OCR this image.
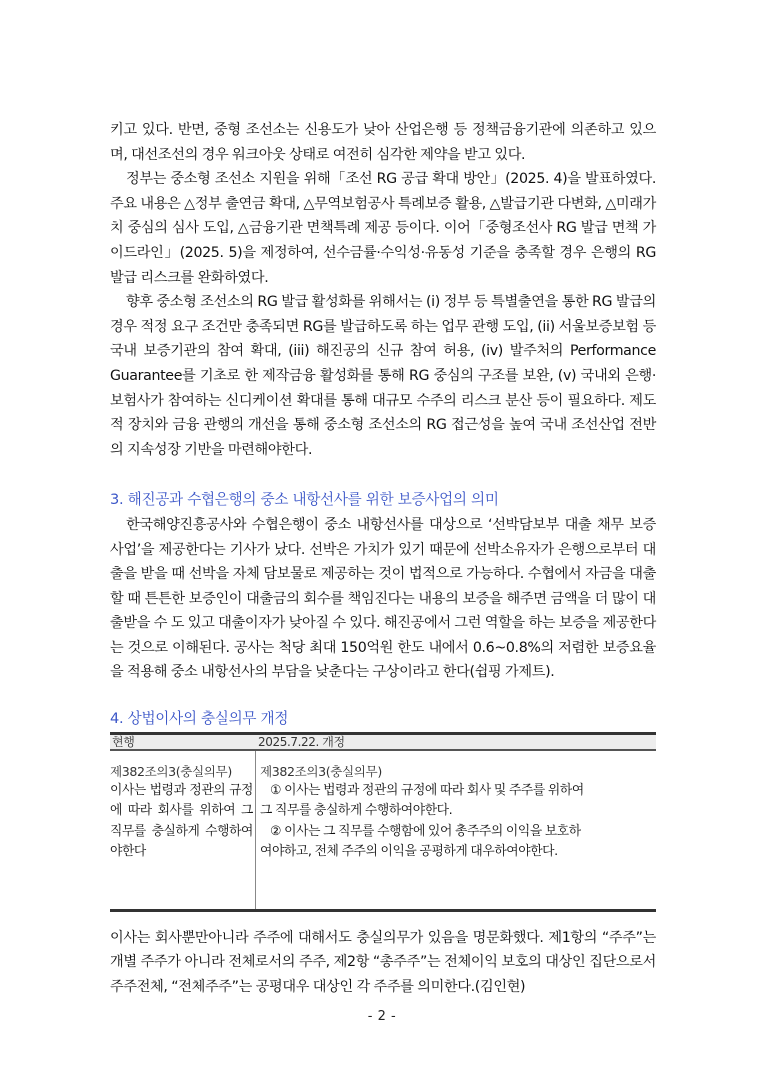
키고 있다. 반면, 중형 조선소는 신용도가 낮아 산업은행 등 정책금융기관에 의존하고 있으며, 대선조선의 경우 워크아웃 상태로 여전히 심각한 제약을 받고 있다.

정부는 중소형 조선소 지원을 위해「조선 RG 공급 확대 방안」(2025. 4)을 발표하였다. 주요 내용은 △정부 출연금 확대, △무역보험공사 특례보증 활용, △발급기관 다변화, △미래가치 중심의 심사 도입, △금융기관 면책특례 제공 등이다. 이어「중형조선사 RG 발급 면책 가이드라인」(2025. 5)을 제정하여, 선수금률·수익성·유동성 기준을 충족할 경우 은행의 RG 발급 리스크를 완화하였다.

향후 중소형 조선소의 RG 발급 활성화를 위해서는 (i) 정부 등 특별출연을 통한 RG 발급의 경우 적정 요구 조건만 충족되면 RG를 발급하도록 하는 업무 관행 도입, (ii) 서울보증보험 등 국내 보증기관의 참여 확대, (iii) 해진공의 신규 참여 허용, (iv) 발주처의 Performance Guarantee를 기초로 한 제작금융 활성화를 통해 RG 중심의 구조를 보완, (v) 국내외 은행·보험사가 참여하는 신디케이션 확대를 통해 대규모 수주의 리스크 분산 등이 필요하다. 제도적 장치와 금융 관행의 개선을 통해 중소형 조선소의 RG 접근성을 높여 국내 조선산업 전반의 지속성장 기반을 마련해야한다.

3. 해진공과 수협은행의 중소 내항선사를 위한 보증사업의 의미

한국해양진흥공사와 수협은행이 중소 내항선사를 대상으로 ‘선박담보부 대출 채무 보증 사업’을 제공한다는 기사가 났다. 선박은 가치가 있기 때문에 선박소유자가 은행으로부터 대출을 받을 때 선박을 자체 담보물로 제공하는 것이 법적으로 가능하다. 수협에서 자금을 대출할 때 튼튼한 보증인이 대출금의 회수를 책임진다는 내용의 보증을 해주면 금액을 더 많이 대출받을 수 도 있고 대출이자가 낮아질 수 있다. 해진공에서 그런 역할을 하는 보증을 제공한다는 것으로 이해된다. 공사는 척당 최대 150억원 한도 내에서 0.6~0.8%의 저렴한 보증요율을 적용해 중소 내항선사의 부담을 낮춘다는 구상이라고 한다(쉽핑 가제트).

4. 상법이사의 충실의무 개정

현행	2025.7.22. 개정
제382조의3(충실의무)
이사는 법령과 정관의 규정에 따라 회사를 위하여 그 직무를 충실하게 수행하여야한다
제382조의3(충실의무)
① 이사는 법령과 정관의 규정에 따라 회사 및 주주를 위하여
그 직무를 충실하게 수행하여야한다.
② 이사는 그 직무를 수행함에 있어 총주주의 이익을 보호하
여야하고, 전체 주주의 이익을 공평하게 대우하여야한다.

이사는 회사뿐만아니라 주주에 대해서도 충실의무가 있음을 명문화했다. 제1항의 “주주”는 개별 주주가 아니라 전체로서의 주주, 제2항 “총주주”는 전체이익 보호의 대상인 집단으로서 주주전체, “전체주주”는 공평대우 대상인 각 주주를 의미한다.(김인현)

- 2 -
